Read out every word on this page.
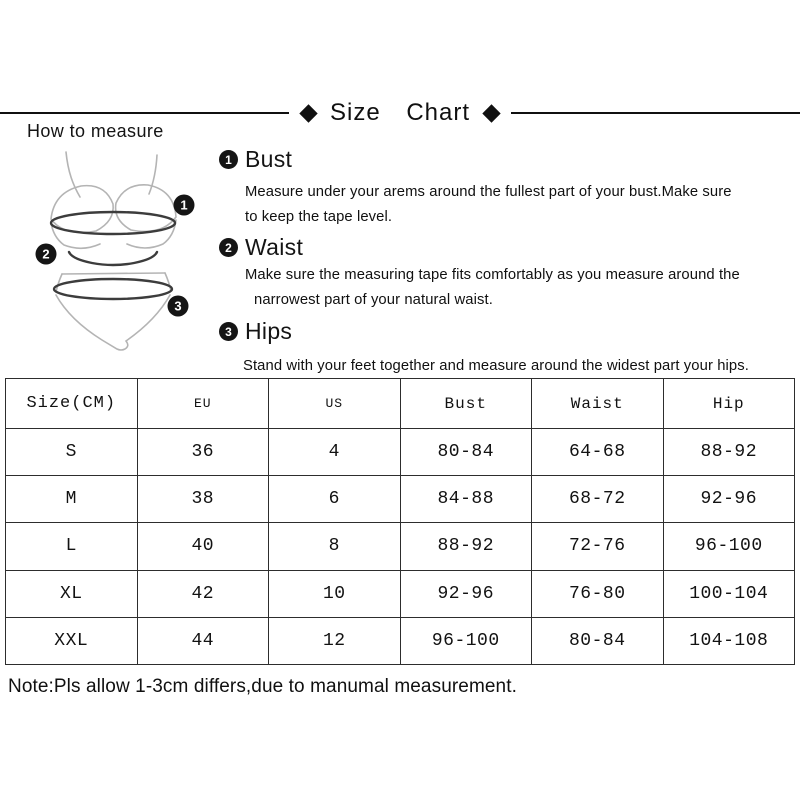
Size Chart
How to measure
1
2
3
1 Bust
Measure under your arems around the fullest part of your bust.Make sure
to keep the tape level.
2 Waist
Make sure the measuring tape fits comfortably as you measure around the
narrowest part of your natural waist.
3 Hips
Stand with your feet together and measure around the widest part your hips.
Size(CM)	EU	US	Bust	Waist	Hip
S	36	4	80-84	64-68	88-92
M	38	6	84-88	68-72	92-96
L	40	8	88-92	72-76	96-100
XL	42	10	92-96	76-80	100-104
XXL	44	12	96-100	80-84	104-108
Note:Pls allow 1-3cm differs,due to manumal measurement.
